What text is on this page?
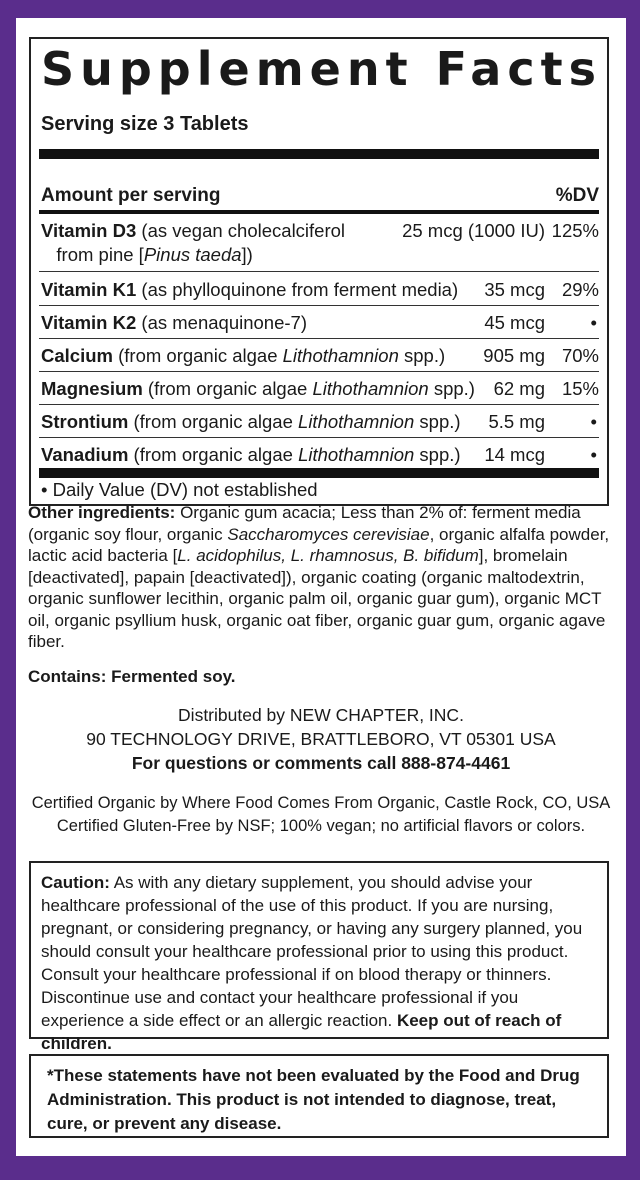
Supplement Facts
Serving size 3 Tablets
Amount per serving	%DV
Vitamin D3 (as vegan cholecalciferol
from pine [Pinus taeda])
25 mcg (1000 IU) 125%
Vitamin K1 (as phylloquinone from ferment media) 35 mcg 29%
Vitamin K2 (as menaquinone-7)	45 mcg	•
Calcium (from organic algae Lithothamnion spp.) 905 mg 70%
Magnesium (from organic algae Lithothamnion spp.) 62 mg 15%
Strontium (from organic algae Lithothamnion spp.) 5.5 mg	•
Vanadium (from organic algae Lithothamnion spp.) 14 mcg	•
• Daily Value (DV) not established
Other ingredients: Organic gum acacia; Less than 2% of: ferment media (organic soy flour, organic Saccharomyces cerevisiae, organic alfalfa powder, lactic acid bacteria [L. acidophilus, L. rhamnosus, B. bifidum], bromelain [deactivated], papain [deactivated]), organic coating (organic maltodextrin, organic sunflower lecithin, organic palm oil, organic guar gum), organic MCT oil, organic psyllium husk, organic oat fiber, organic guar gum, organic agave fiber.
Contains: Fermented soy.
Distributed by NEW CHAPTER, INC.
90 TECHNOLOGY DRIVE, BRATTLEBORO, VT 05301 USA
For questions or comments call 888-874-4461
Certified Organic by Where Food Comes From Organic, Castle Rock, CO, USA
Certified Gluten-Free by NSF; 100% vegan; no artificial flavors or colors.
Caution: As with any dietary supplement, you should advise your healthcare professional of the use of this product. If you are nursing, pregnant, or considering pregnancy, or having any surgery planned, you should consult your healthcare professional prior to using this product. Consult your healthcare professional if on blood therapy or thinners. Discontinue use and contact your healthcare professional if you experience a side effect or an allergic reaction. Keep out of reach of children.
*These statements have not been evaluated by the Food and Drug Administration. This product is not intended to diagnose, treat, cure, or prevent any disease.
